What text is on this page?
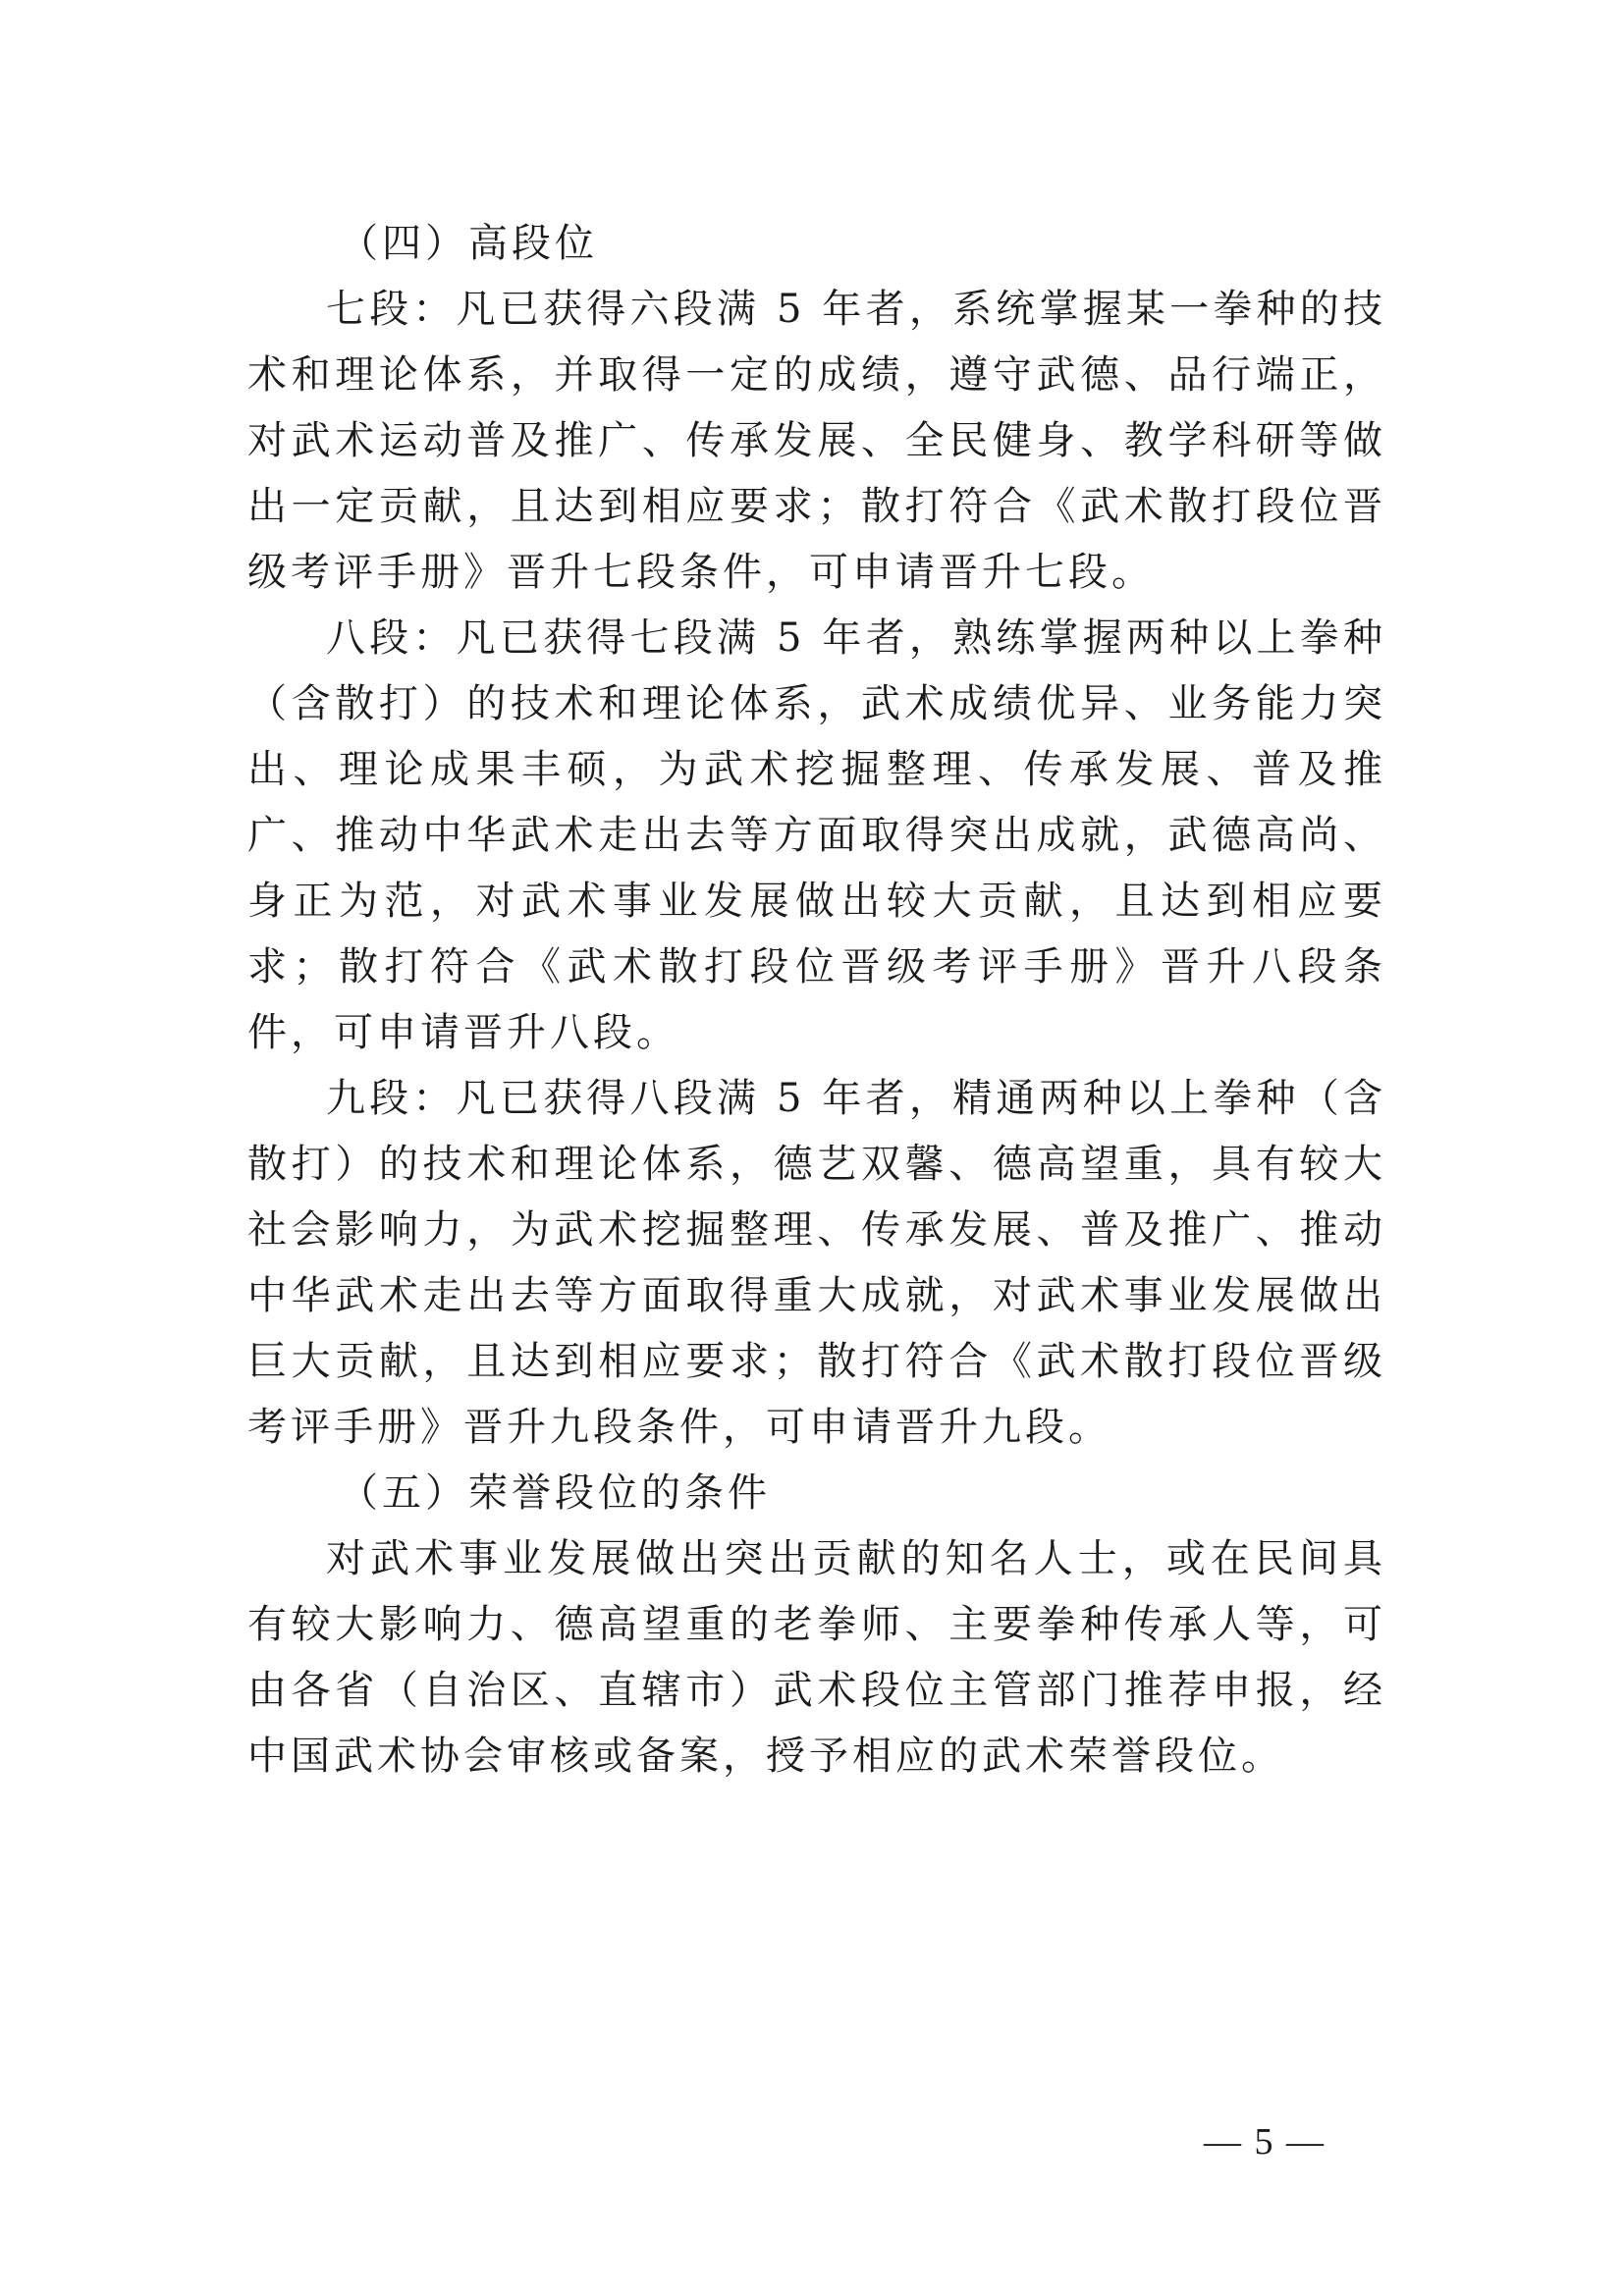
（四）高段位

七段：凡已获得六段满 5 年者，系统掌握某一拳种的技术和理论体系，并取得一定的成绩，遵守武德、品行端正，对武术运动普及推广、传承发展、全民健身、教学科研等做出一定贡献，且达到相应要求；散打符合《武术散打段位晋级考评手册》晋升七段条件，可申请晋升七段。

八段：凡已获得七段满 5 年者，熟练掌握两种以上拳种（含散打）的技术和理论体系，武术成绩优异、业务能力突出、理论成果丰硕，为武术挖掘整理、传承发展、普及推广、推动中华武术走出去等方面取得突出成就，武德高尚、身正为范，对武术事业发展做出较大贡献，且达到相应要求；散打符合《武术散打段位晋级考评手册》晋升八段条件，可申请晋升八段。

九段：凡已获得八段满 5 年者，精通两种以上拳种（含散打）的技术和理论体系，德艺双馨、德高望重，具有较大社会影响力，为武术挖掘整理、传承发展、普及推广、推动中华武术走出去等方面取得重大成就，对武术事业发展做出巨大贡献，且达到相应要求；散打符合《武术散打段位晋级考评手册》晋升九段条件，可申请晋升九段。

（五）荣誉段位的条件

对武术事业发展做出突出贡献的知名人士，或在民间具有较大影响力、德高望重的老拳师、主要拳种传承人等，可由各省（自治区、直辖市）武术段位主管部门推荐申报，经中国武术协会审核或备案，授予相应的武术荣誉段位。

— 5 —
